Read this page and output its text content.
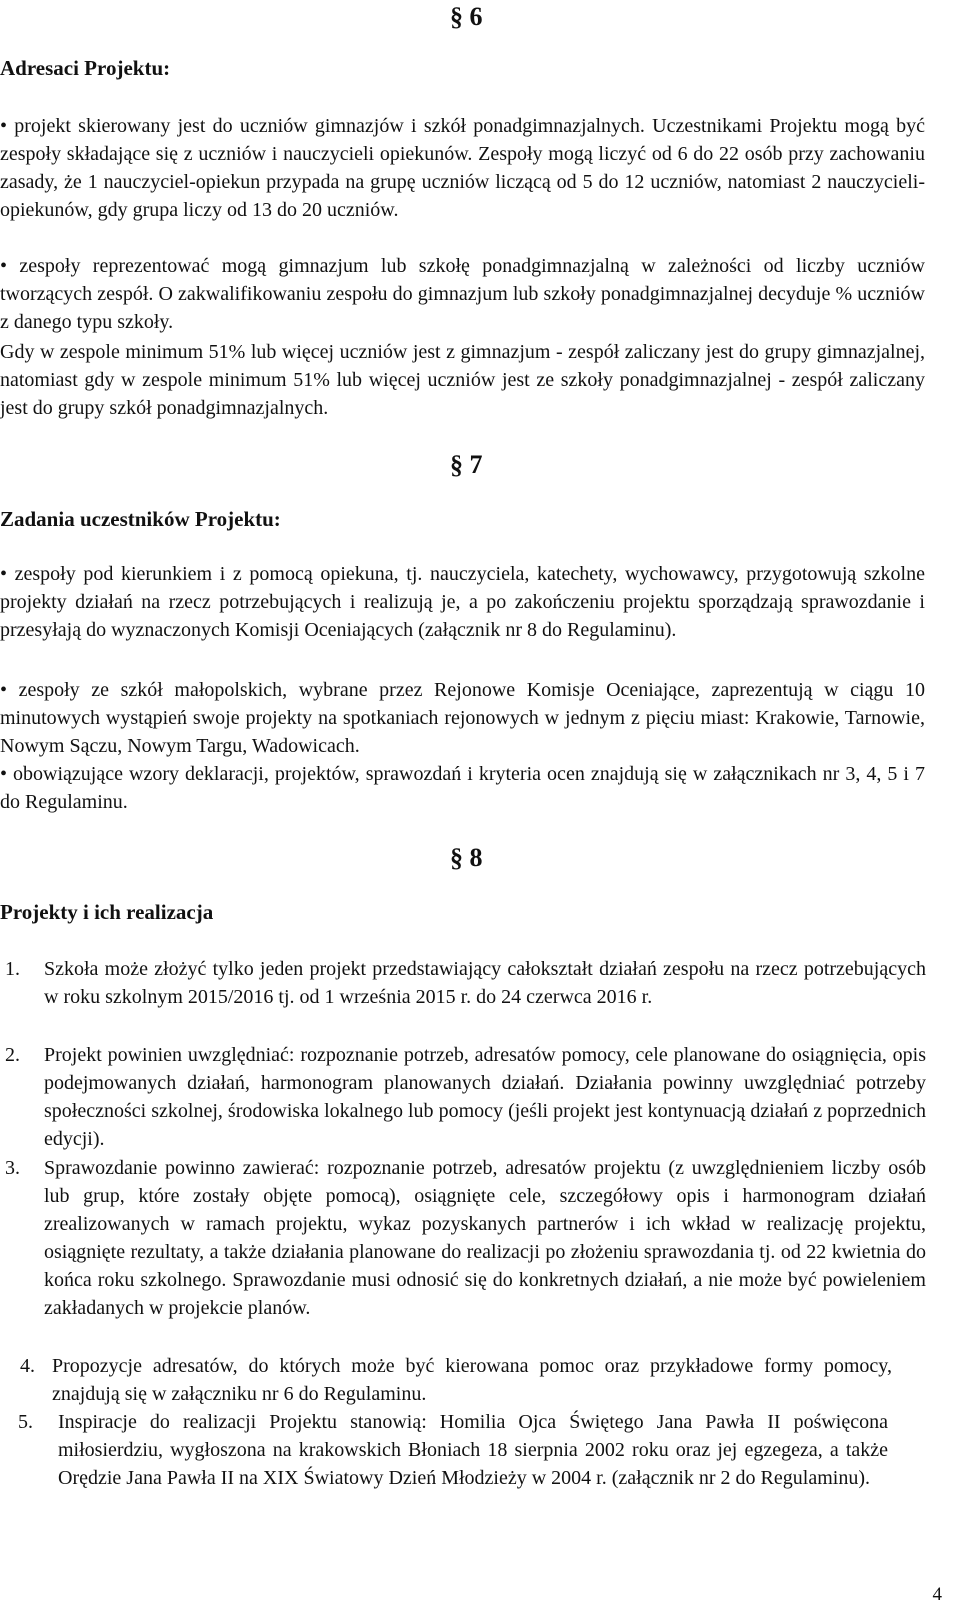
§ 6
Adresaci Projektu:
• projekt skierowany jest do uczniów gimnazjów i szkół ponadgimnazjalnych. Uczestnikami Projektu mogą być zespoły składające się z uczniów i nauczycieli opiekunów. Zespoły mogą liczyć od 6 do 22 osób przy zachowaniu zasady, że 1 nauczyciel-opiekun przypada na grupę uczniów liczącą od 5 do 12 uczniów, natomiast 2 nauczycieli-opiekunów, gdy grupa liczy od 13 do 20 uczniów.
• zespoły reprezentować mogą gimnazjum lub szkołę ponadgimnazjalną w zależności od liczby uczniów tworzących zespół. O zakwalifikowaniu zespołu do gimnazjum lub szkoły ponadgimnazjalnej decyduje % uczniów z danego typu szkoły.
Gdy w zespole minimum 51% lub więcej uczniów jest z gimnazjum - zespół zaliczany jest do grupy gimnazjalnej, natomiast gdy w zespole minimum 51% lub więcej uczniów jest ze szkoły ponadgimnazjalnej - zespół zaliczany jest do grupy szkół ponadgimnazjalnych.
§ 7
Zadania uczestników Projektu:
• zespoły pod kierunkiem i z pomocą opiekuna, tj. nauczyciela, katechety, wychowawcy, przygotowują szkolne projekty działań na rzecz potrzebujących i realizują je, a po zakończeniu projektu sporządzają sprawozdanie i przesyłają do wyznaczonych Komisji Oceniających (załącznik nr 8 do Regulaminu).
• zespoły ze szkół małopolskich, wybrane przez Rejonowe Komisje Oceniające, zaprezentują w ciągu 10 minutowych wystąpień swoje projekty na spotkaniach rejonowych w jednym z pięciu miast: Krakowie, Tarnowie, Nowym Sączu, Nowym Targu, Wadowicach.
• obowiązujące wzory deklaracji, projektów, sprawozdań i kryteria ocen znajdują się w załącznikach nr 3, 4, 5 i 7 do Regulaminu.
§ 8
Projekty i ich realizacja
1. Szkoła może złożyć tylko jeden projekt przedstawiający całokształt działań zespołu na rzecz potrzebujących w roku szkolnym 2015/2016 tj. od 1 września 2015 r. do 24 czerwca 2016 r.
2. Projekt powinien uwzględniać: rozpoznanie potrzeb, adresatów pomocy, cele planowane do osiągnięcia, opis podejmowanych działań, harmonogram planowanych działań. Działania powinny uwzględniać potrzeby społeczności szkolnej, środowiska lokalnego lub pomocy (jeśli projekt jest kontynuacją działań z poprzednich edycji).
3. Sprawozdanie powinno zawierać: rozpoznanie potrzeb, adresatów projektu (z uwzględnieniem liczby osób lub grup, które zostały objęte pomocą), osiągnięte cele, szczegółowy opis i harmonogram działań zrealizowanych w ramach projektu, wykaz pozyskanych partnerów i ich wkład w realizację projektu, osiągnięte rezultaty, a także działania planowane do realizacji po złożeniu sprawozdania tj. od 22 kwietnia do końca roku szkolnego. Sprawozdanie musi odnosić się do konkretnych działań, a nie może być powieleniem zakładanych w projekcie planów.
4. Propozycje adresatów, do których może być kierowana pomoc oraz przykładowe formy pomocy, znajdują się w załączniku nr 6 do Regulaminu.
5. Inspiracje do realizacji Projektu stanowią: Homilia Ojca Świętego Jana Pawła II poświęcona miłosierdziu, wygłoszona na krakowskich Błoniach 18 sierpnia 2002 roku oraz jej egzegeza, a także Orędzie Jana Pawła II na XIX Światowy Dzień Młodzieży w 2004 r. (załącznik nr 2 do Regulaminu).
4
